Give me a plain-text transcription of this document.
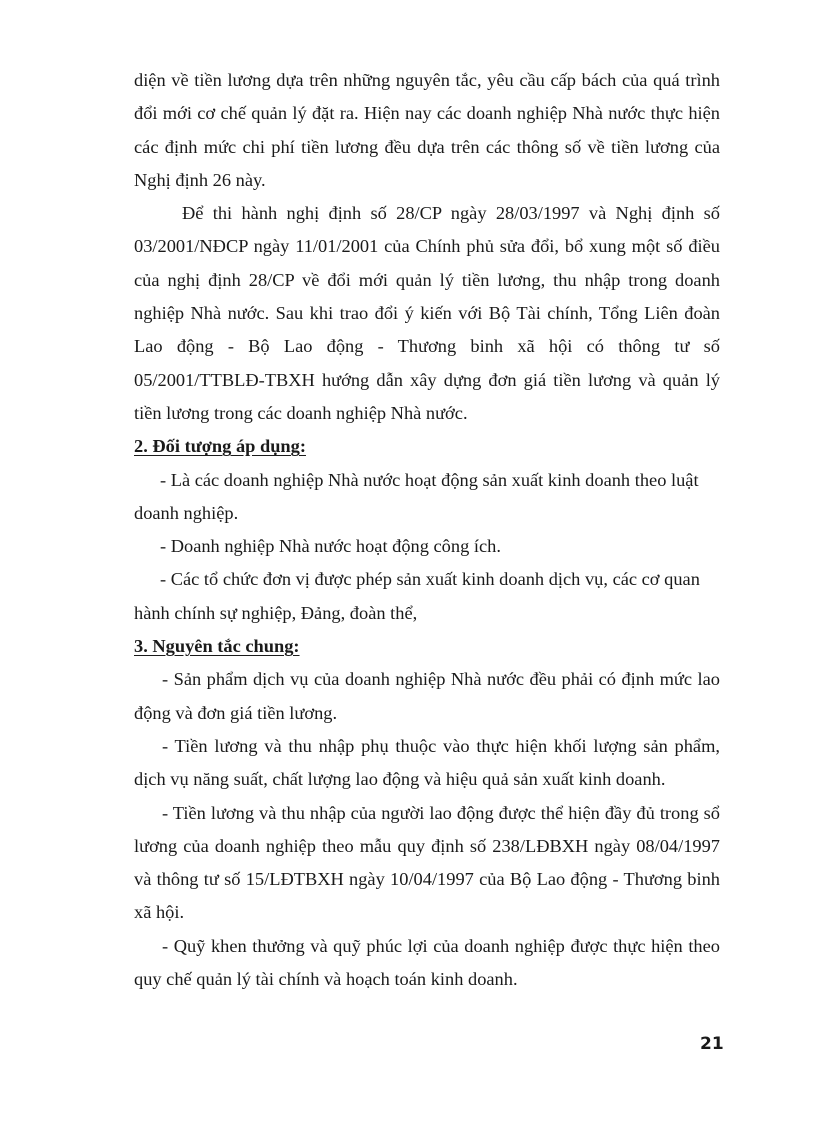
diện về tiền lương dựa trên những nguyên tắc, yêu cầu cấp bách của quá trình đổi mới cơ chế quản lý đặt ra. Hiện nay các doanh nghiệp Nhà nước thực hiện các định mức chi phí tiền lương đều dựa trên các thông số về tiền lương của Nghị định 26 này.

Để thi hành nghị định số 28/CP ngày 28/03/1997 và Nghị định số 03/2001/NĐCP ngày 11/01/2001 của Chính phủ sửa đổi, bổ xung một số điều của nghị định 28/CP về đổi mới quản lý tiền lương, thu nhập trong doanh nghiệp Nhà nước. Sau khi trao đổi ý kiến với Bộ Tài chính, Tổng Liên đoàn Lao động - Bộ Lao động - Thương binh xã hội có thông tư số 05/2001/TTBLĐ-TBXH hướng dẫn xây dựng đơn giá tiền lương và quản lý tiền lương trong các doanh nghiệp Nhà nước.

2. Đối tượng áp dụng:

- Là các doanh nghiệp Nhà nước hoạt động sản xuất kinh doanh theo luật doanh nghiệp.

- Doanh nghiệp Nhà nước hoạt động công ích.

- Các tổ chức đơn vị được phép sản xuất kinh doanh dịch vụ, các cơ quan hành chính sự nghiệp, Đảng, đoàn thể,

3. Nguyên tắc chung:

- Sản phẩm dịch vụ của doanh nghiệp Nhà nước đều phải có định mức lao động và đơn giá tiền lương.

- Tiền lương và thu nhập phụ thuộc vào thực hiện khối lượng sản phẩm, dịch vụ năng suất, chất lượng lao động và hiệu quả sản xuất kinh doanh.

- Tiền lương và thu nhập của người lao động được thể hiện đầy đủ trong sổ lương của doanh nghiệp theo mẫu quy định số 238/LĐBXH ngày 08/04/1997 và thông tư số 15/LĐTBXH ngày 10/04/1997 của Bộ Lao động - Thương binh xã hội.

- Quỹ khen thưởng và quỹ phúc lợi của doanh nghiệp được thực hiện theo quy chế quản lý tài chính và hoạch toán kinh doanh.

21
